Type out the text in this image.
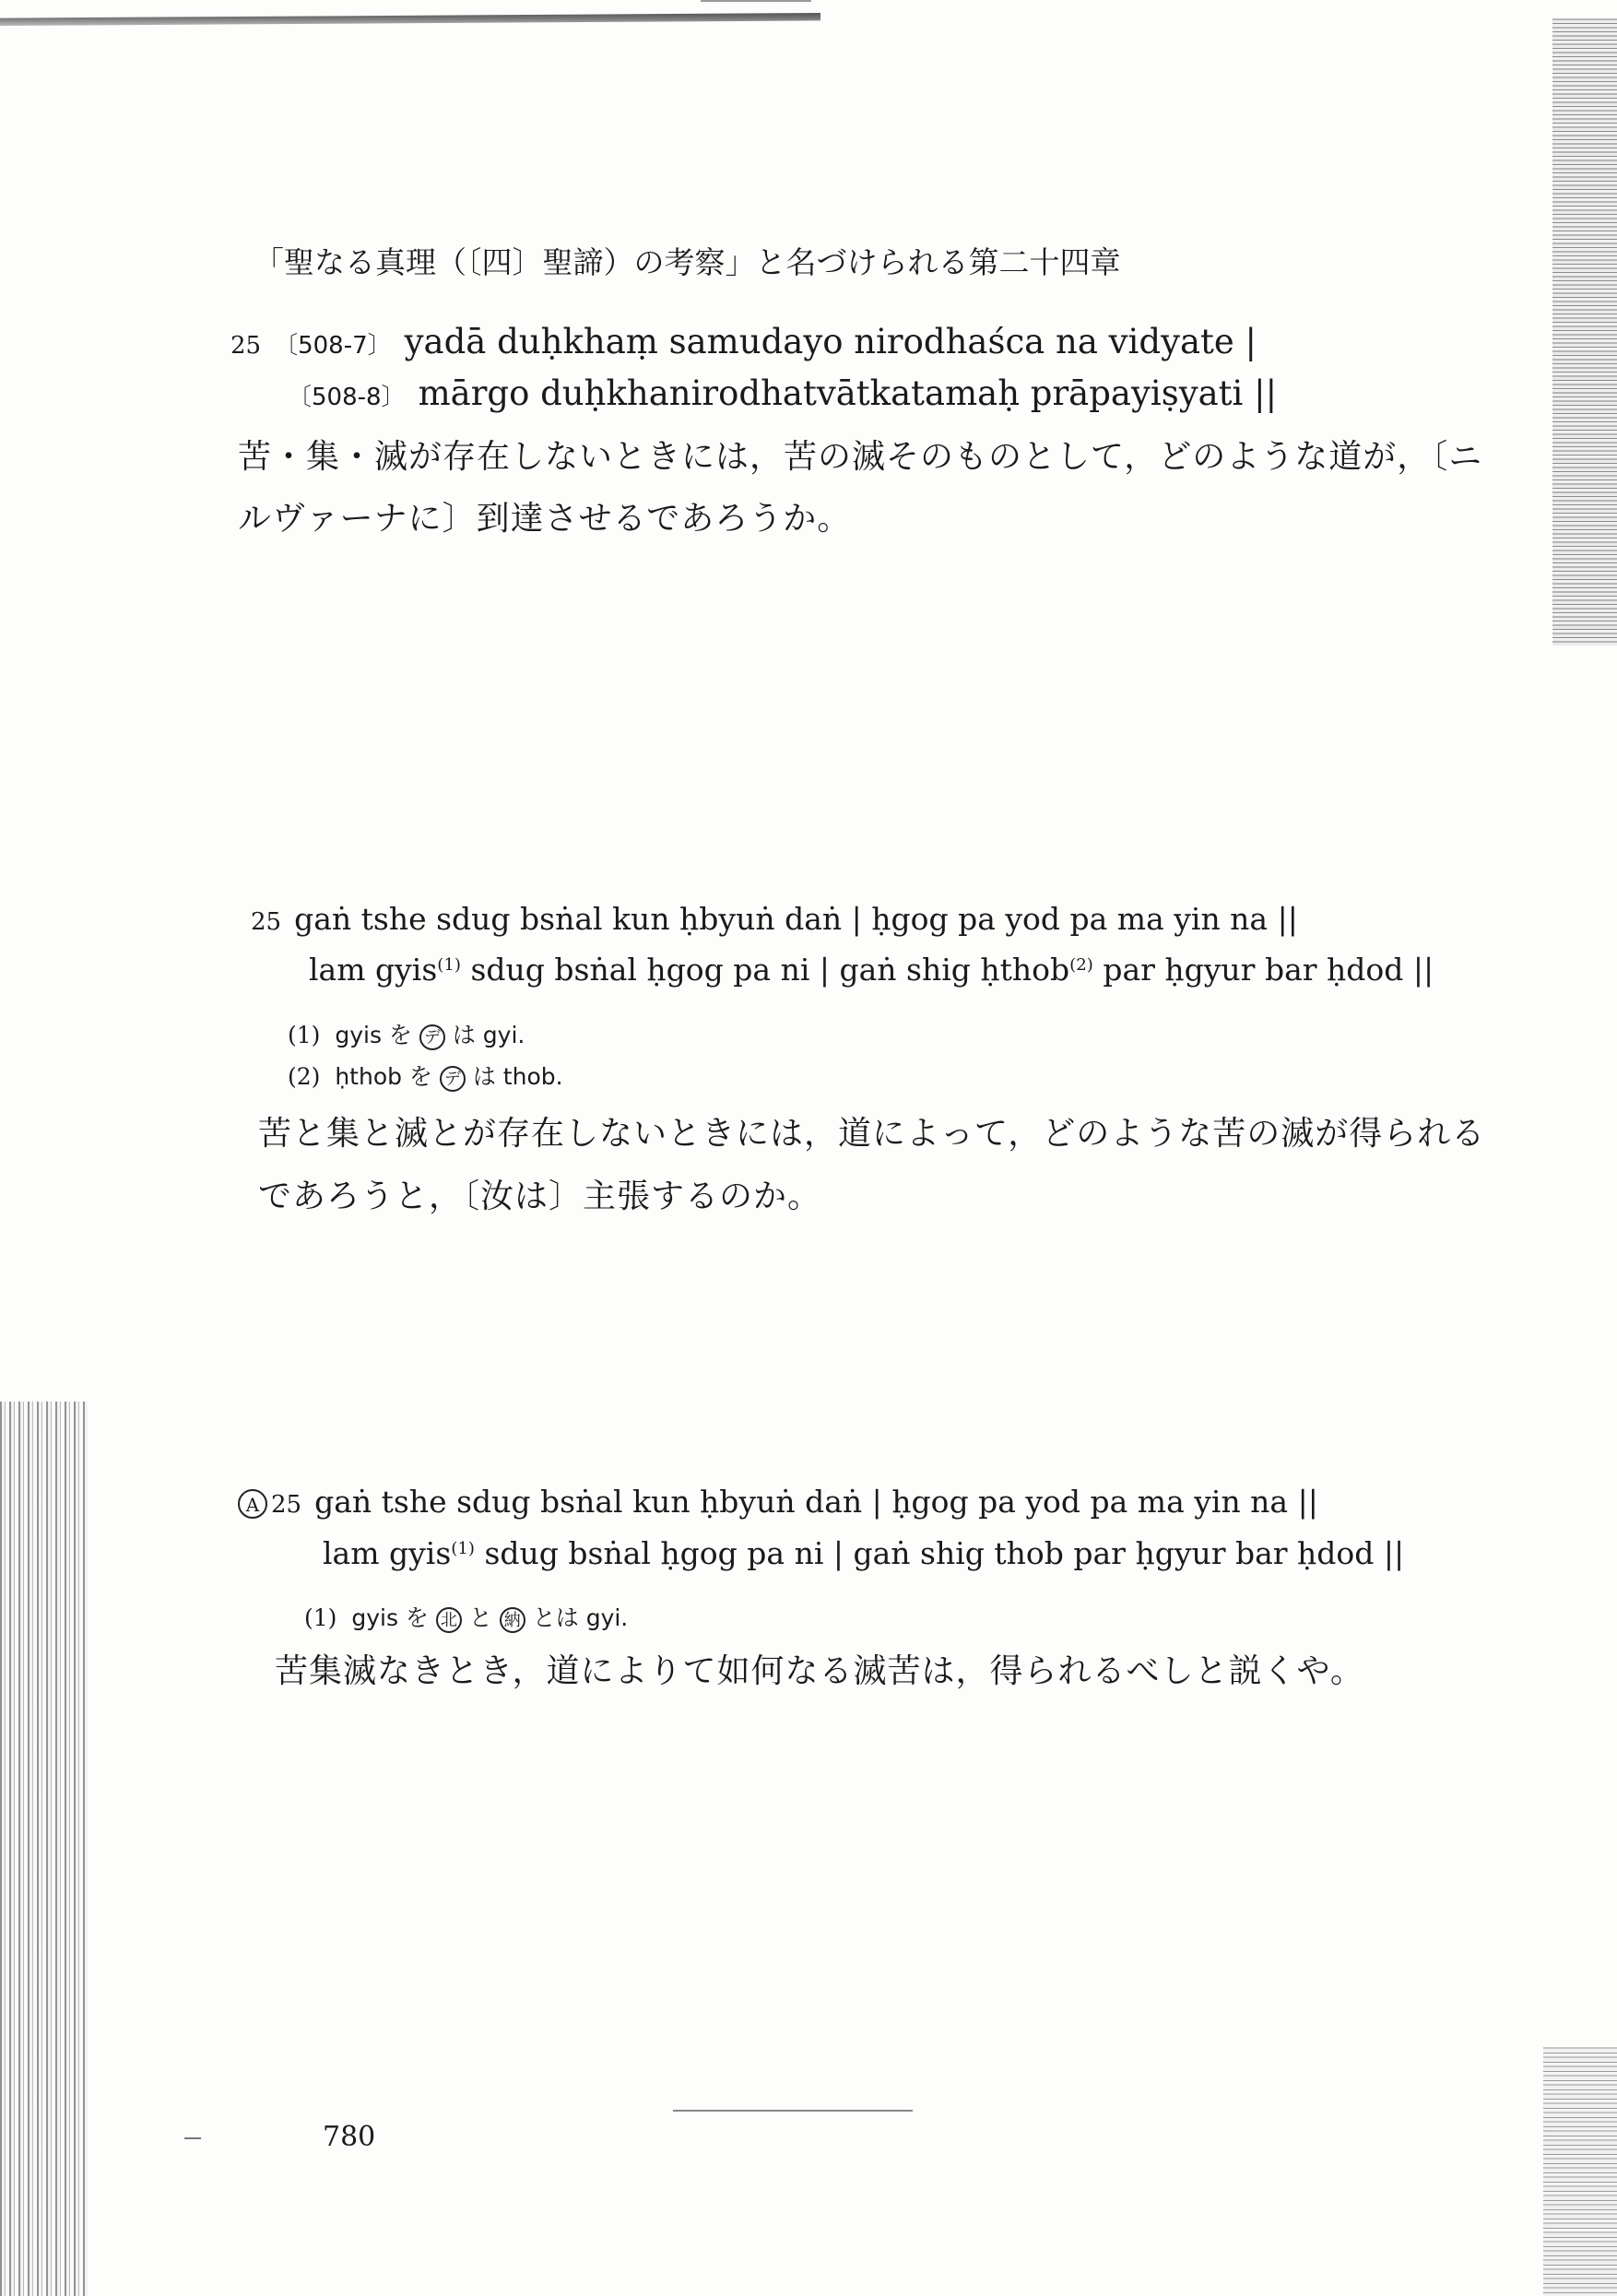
「聖なる真理（〔四〕聖諦）の考察」と名づけられる第二十四章
25 〔508-7〕 yadā duḥkhaṃ samudayo nirodhaśca na vidyate |
〔508-8〕 mārgo duḥkhanirodhatvātkatamaḥ prāpayiṣyati ||
苦・集・滅が存在しないときには，苦の滅そのものとして，どのような道が，〔ニ
ルヴァーナに〕到達させるであろうか。
25 gaṅ tshe sdug bsṅal kun ḥbyuṅ daṅ | ḥgog pa yod pa ma yin na ||
lam gyis$^{(1)}$ sdug bsṅal ḥgog pa ni | gaṅ shig ḥthob$^{(2)}$ par ḥgyur bar ḥdod ||
(1) gyis を デ は gyi.
(2) ḥthob を デ は thob.
苦と集と滅とが存在しないときには，道によって，どのような苦の滅が得られる
であろうと，〔汝は〕主張するのか。
A 25 gaṅ tshe sdug bsṅal kun ḥbyuṅ daṅ | ḥgog pa yod pa ma yin na ||
lam gyis$^{(1)}$ sdug bsṅal ḥgog pa ni | gaṅ shig thob par ḥgyur bar ḥdod ||
(1) gyis を 北 と 納 とは gyi.
苦集滅なきとき，道によりて如何なる滅苦は，得られるべしと説くや。
780
